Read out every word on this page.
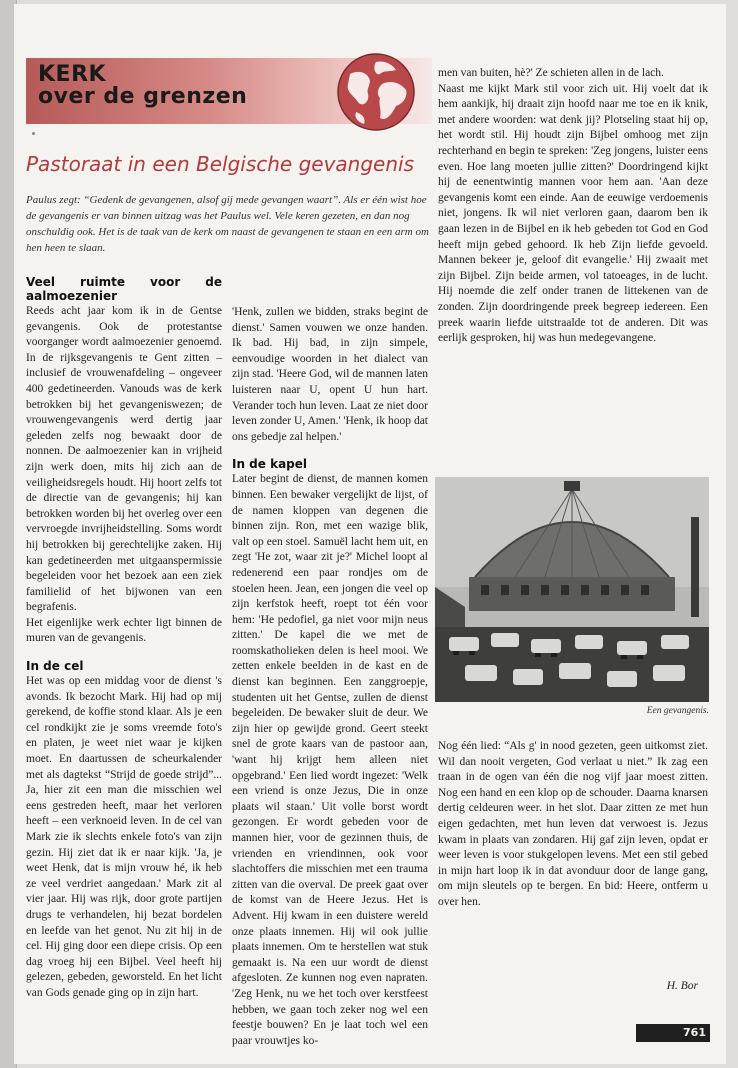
KERK
over de grenzen
Pastoraat in een Belgische gevangenis
Paulus zegt: “Gedenk de gevangenen, alsof gij mede gevangen waart”. Als er één wist hoe de gevangenis er van binnen uitzag was het Paulus wel. Vele keren gezeten, en dan nog onschuldig ook. Het is de taak van de kerk om naast de gevangenen te staan en een arm om hen heen te slaan.
Veel ruimte voor de aalmoezenier

Reeds acht jaar kom ik in de Gentse gevangenis. Ook de protestantse voorganger wordt aalmoezenier genoemd. In de rijksgevangenis te Gent zitten – inclusief de vrouwenafdeling – ongeveer 400 gedetineerden. Vanouds was de kerk betrokken bij het gevangeniswezen; de vrouwengevangenis werd dertig jaar geleden zelfs nog bewaakt door de nonnen. De aalmoezenier kan in vrijheid zijn werk doen, mits hij zich aan de veiligheidsregels houdt. Hij hoort zelfs tot de directie van de gevangenis; hij kan betrokken worden bij het overleg over een vervroegde invrijheidstelling. Soms wordt hij betrokken bij gerechtelijke zaken. Hij kan gedetineerden met uitgaanspermissie begeleiden voor het bezoek aan een ziek familielid of het bijwonen van een begrafenis.

Het eigenlijke werk echter ligt binnen de muren van de gevangenis.

In de cel

Het was op een middag voor de dienst 's avonds. Ik bezocht Mark. Hij had op mij gerekend, de koffie stond klaar. Als je een cel rondkijkt zie je soms vreemde foto's en platen, je weet niet waar je kijken moet. En daartussen de scheurkalender met als dagtekst “Strijd de goede strijd”... Ja, hier zit een man die misschien wel eens gestreden heeft, maar het verloren heeft – een verknoeid leven. In de cel van Mark zie ik slechts enkele foto's van zijn gezin. Hij ziet dat ik er naar kijk. 'Ja, je weet Henk, dat is mijn vrouw hé, ik heb ze veel verdriet aangedaan.' Mark zit al vier jaar. Hij was rijk, door grote partijen drugs te verhandelen, hij bezat bordelen en leefde van het genot. Nu zit hij in de cel. Hij ging door een diepe crisis. Op een dag vroeg hij een Bijbel. Veel heeft hij gelezen, gebeden, geworsteld. En het licht van Gods genade ging op in zijn hart.

'Henk, zullen we bidden, straks begint de dienst.' Samen vouwen we onze handen. Ik bad. Hij bad, in zijn simpele, eenvoudige woorden in het dialect van zijn stad. 'Heere God, wil de mannen laten luisteren naar U, opent U hun hart. Verander toch hun leven. Laat ze niet door leven zonder U, Amen.' 'Henk, ik hoop dat ons gebedje zal helpen.'

In de kapel

Later begint de dienst, de mannen komen binnen. Een bewaker vergelijkt de lijst, of de namen kloppen van degenen die binnen zijn. Ron, met een wazige blik, valt op een stoel. Samuël lacht hem uit, en zegt 'He zot, waar zit je?' Michel loopt al redenerend een paar rondjes om de stoelen heen. Jean, een jongen die veel op zijn kerfstok heeft, roept tot één voor hem: 'He pedofiel, ga niet voor mijn neus zitten.' De kapel die we met de roomskatholieken delen is heel mooi. We zetten enkele beelden in de kast en de dienst kan beginnen. Een zanggroepje, studenten uit het Gentse, zullen de dienst begeleiden. De bewaker sluit de deur. We zijn hier op gewijde grond. Geert steekt snel de grote kaars van de pastoor aan, 'want hij krijgt hem alleen niet opgebrand.' Een lied wordt ingezet: 'Welk een vriend is onze Jezus, Die in onze plaats wil staan.' Uit volle borst wordt gezongen. Er wordt gebeden voor de mannen hier, voor de gezinnen thuis, de vrienden en vriendinnen, ook voor slachtoffers die misschien met een trauma zitten van die overval. De preek gaat over de komst van de Heere Jezus. Het is Advent. Hij kwam in een duistere wereld onze plaats innemen. Hij wil ook jullie plaats innemen. Om te herstellen wat stuk gemaakt is. Na een uur wordt de dienst afgesloten. Ze kunnen nog even napraten. 'Zeg Henk, nu we het toch over kerstfeest hebben, we gaan toch zeker nog wel een feestje bouwen? En je laat toch wel een paar vrouwtjes ko-

men van buiten, hè?' Ze schieten allen in de lach.

Naast me kijkt Mark stil voor zich uit. Hij voelt dat ik hem aankijk, hij draait zijn hoofd naar me toe en ik knik, met andere woorden: wat denk jij? Plotseling staat hij op, het wordt stil. Hij houdt zijn Bijbel omhoog met zijn rechterhand en begin te spreken: 'Zeg jongens, luister eens even. Hoe lang moeten jullie zitten?' Doordringend kijkt hij de eenentwintig mannen voor hem aan. 'Aan deze gevangenis komt een einde. Aan de eeuwige verdoemenis niet, jongens. Ik wil niet verloren gaan, daarom ben ik gaan lezen in de Bijbel en ik heb gebeden tot God en God heeft mijn gebed gehoord. Ik heb Zijn liefde gevoeld. Mannen bekeer je, geloof dit evangelie.' Hij zwaait met zijn Bijbel. Zijn beide armen, vol tatoeages, in de lucht. Hij noemde die zelf onder tranen de littekenen van de zonden. Zijn doordringende preek begreep iedereen. Een preek waarin liefde uitstraalde tot de anderen. Dit was eerlijk gesproken, hij was hun medegevangene.

Een gevangenis.

Nog één lied: “Als g' in nood gezeten, geen uitkomst ziet. Wil dan nooit vergeten, God verlaat u niet.” Ik zag een traan in de ogen van één die nog vijf jaar moest zitten. Nog een hand en een klop op de schouder. Daarna knarsen dertig celdeuren weer. in het slot. Daar zitten ze met hun eigen gedachten, met hun leven dat verwoest is. Jezus kwam in plaats van zondaren. Hij gaf zijn leven, opdat er weer leven is voor stukgelopen levens. Met een stil gebed in mijn hart loop ik in dat avonduur door de lange gang, om mijn sleutels op te bergen. En bid: Heere, ontferm u over hen.

H. Bor
761
